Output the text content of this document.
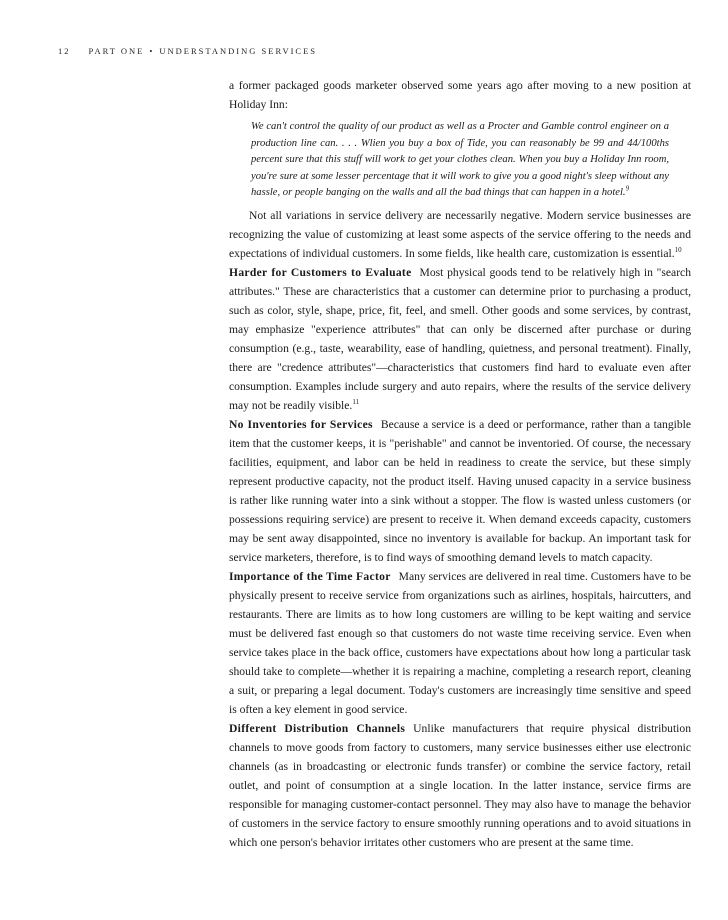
12 PART ONE • UNDERSTANDING SERVICES

a former packaged goods marketer observed some years ago after moving to a new position at Holiday Inn:

We can't control the quality of our product as well as a Procter and Gamble control engineer on a production line can. . . . Wlien you buy a box of Tide, you can reasonably be 99 and 44/100ths percent sure that this stuff will work to get your clothes clean. When you buy a Holiday Inn room, you're sure at some lesser percentage that it will work to give you a good night's sleep without any hassle, or people banging on the walls and all the bad things that can happen in a hotel.$^9$

Not all variations in service delivery are necessarily negative. Modern service businesses are recognizing the value of customizing at least some aspects of the service offering to the needs and expectations of individual customers. In some fields, like health care, customization is essential.$^{10}$

Harder for Customers to Evaluate Most physical goods tend to be relatively high in "search attributes." These are characteristics that a customer can determine prior to purchasing a product, such as color, style, shape, price, fit, feel, and smell. Other goods and some services, by contrast, may emphasize "experience attributes" that can only be discerned after purchase or during consumption (e.g., taste, wearability, ease of handling, quietness, and personal treatment). Finally, there are "credence attributes"—characteristics that customers find hard to evaluate even after consumption. Examples include surgery and auto repairs, where the results of the service delivery may not be readily visible.$^{11}$

No Inventories for Services Because a service is a deed or performance, rather than a tangible item that the customer keeps, it is "perishable" and cannot be inventoried. Of course, the necessary facilities, equipment, and labor can be held in readiness to create the service, but these simply represent productive capacity, not the product itself. Having unused capacity in a service business is rather like running water into a sink without a stopper. The flow is wasted unless customers (or possessions requiring service) are present to receive it. When demand exceeds capacity, customers may be sent away disappointed, since no inventory is available for backup. An important task for service marketers, therefore, is to find ways of smoothing demand levels to match capacity.

Importance of the Time Factor Many services are delivered in real time. Customers have to be physically present to receive service from organizations such as airlines, hospitals, haircutters, and restaurants. There are limits as to how long customers are willing to be kept waiting and service must be delivered fast enough so that customers do not waste time receiving service. Even when service takes place in the back office, customers have expectations about how long a particular task should take to complete—whether it is repairing a machine, completing a research report, cleaning a suit, or preparing a legal document. Today's customers are increasingly time sensitive and speed is often a key element in good service.

Different Distribution Channels Unlike manufacturers that require physical distribution channels to move goods from factory to customers, many service businesses either use electronic channels (as in broadcasting or electronic funds transfer) or combine the service factory, retail outlet, and point of consumption at a single location. In the latter instance, service firms are responsible for managing customer-contact personnel. They may also have to manage the behavior of customers in the service factory to ensure smoothly running operations and to avoid situations in which one person's behavior irritates other customers who are present at the same time.
